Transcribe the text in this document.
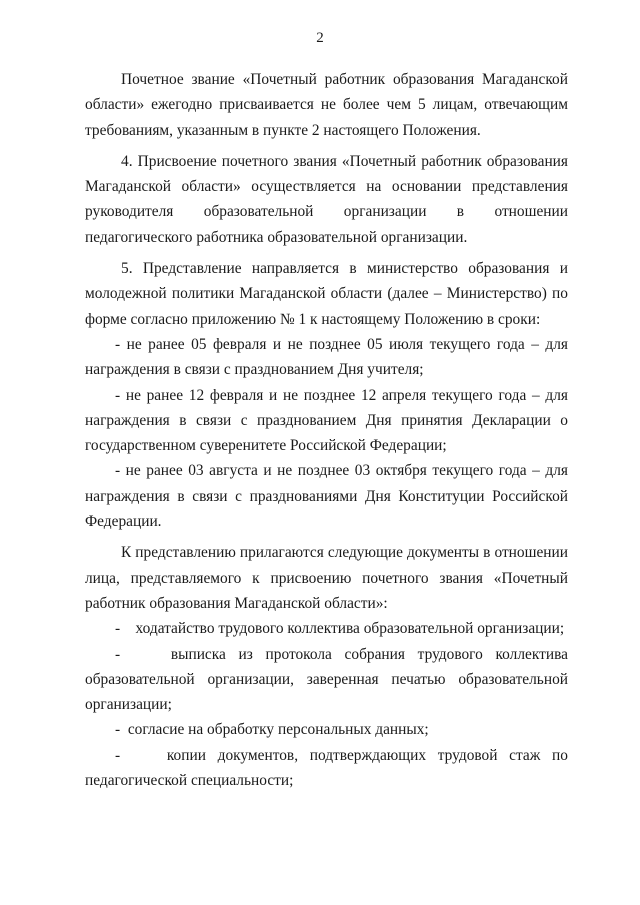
2

Почетное звание «Почетный работник образования Магаданской области» ежегодно присваивается не более чем 5 лицам, отвечающим требованиям, указанным в пункте 2 настоящего Положения.

4. Присвоение почетного звания «Почетный работник образования Магаданской области» осуществляется на основании представления руководителя образовательной организации в отношении педагогического работника образовательной организации.

5. Представление направляется в министерство образования и молодежной политики Магаданской области (далее – Министерство) по форме согласно приложению № 1 к настоящему Положению в сроки:

- не ранее 05 февраля и не позднее 05 июля текущего года – для награждения в связи с празднованием Дня учителя;

- не ранее 12 февраля и не позднее 12 апреля текущего года – для награждения в связи с празднованием Дня принятия Декларации о государственном суверенитете Российской Федерации;

- не ранее 03 августа и не позднее 03 октября текущего года – для награждения в связи с празднованиями Дня Конституции Российской Федерации.

К представлению прилагаются следующие документы в отношении лица, представляемого к присвоению почетного звания «Почетный работник образования Магаданской области»:

-    ходатайство трудового коллектива образовательной организации;

-    выписка из протокола собрания трудового коллектива образовательной организации, заверенная печатью образовательной организации;

-  согласие на обработку персональных данных;

-    копии документов, подтверждающих трудовой стаж по педагогической специальности;
